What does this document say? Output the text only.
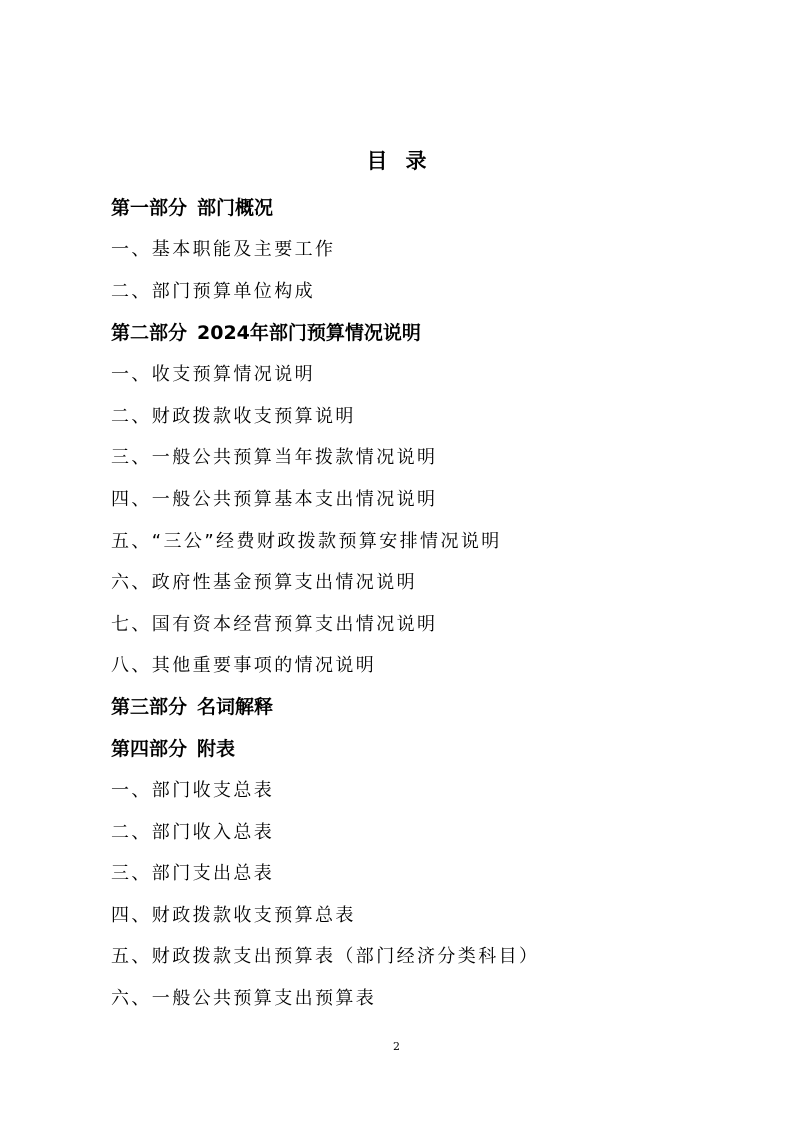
目录
第一部分 部门概况
一、基本职能及主要工作
二、部门预算单位构成
第二部分 2024年部门预算情况说明
一、收支预算情况说明
二、财政拨款收支预算说明
三、一般公共预算当年拨款情况说明
四、一般公共预算基本支出情况说明
五、“三公”经费财政拨款预算安排情况说明
六、政府性基金预算支出情况说明
七、国有资本经营预算支出情况说明
八、其他重要事项的情况说明
第三部分 名词解释
第四部分 附表
一、部门收支总表
二、部门收入总表
三、部门支出总表
四、财政拨款收支预算总表
五、财政拨款支出预算表（部门经济分类科目）
六、一般公共预算支出预算表
2
